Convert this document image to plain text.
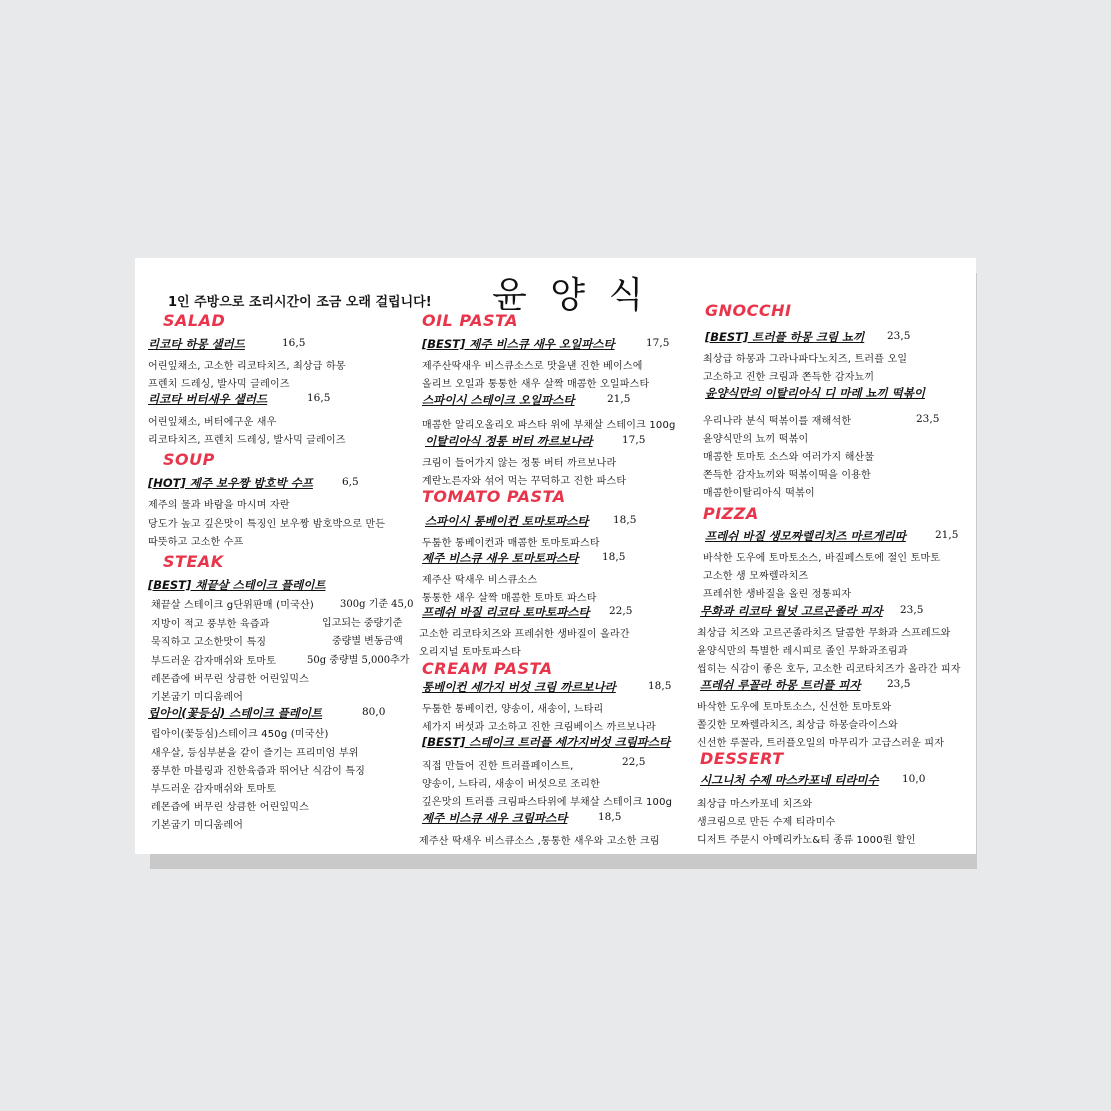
윤 양 식
1인 주방으로 조리시간이 조금 오래 걸립니다!
SALAD
리코타 하몽 샐러드	16,5
어린잎채소, 고소한 리코타치즈, 최상급 하몽
프렌치 드레싱, 발사믹 글레이즈
리코타 버터새우 샐러드	16,5
어린잎채소, 버터에구운 새우
리코타치즈, 프렌치 드레싱, 발사믹 글레이즈
SOUP
[HOT] 제주 보우짱 밤호박 수프	6,5
제주의 물과 바람을 마시며 자란
당도가 높고 깊은맛이 특징인 보우짱 밤호박으로 만든
따뜻하고 고소한 수프
STEAK
[BEST] 채끝살 스테이크 플레이트
채끝살 스테이크 g단위판매 (미국산)	300g 기준 45,0
지방이 적고 풍부한 육즙과	입고되는 중량기준
묵직하고 고소한맛이 특징	중량별 변동금액
부드러운 감자매쉬와 토마토	50g 중량별 5,000추가
레몬즙에 버무린 상큼한 어린잎믹스
기본굽기 미디움레어
립아이(꽃등심) 스테이크 플레이트	80,0
립아이(꽃등심)스테이크 450g (미국산)
새우살, 등심부분을 같이 즐기는 프리미엄 부위
풍부한 마블링과 진한육즙과 뛰어난 식감이 특징
부드러운 감자매쉬와 토마토
레몬즙에 버무린 상큼한 어린잎믹스
기본굽기 미디움레어
OIL PASTA
[BEST] 제주 비스큐 새우 오일파스타	17,5
제주산딱새우 비스큐소스로 맛을낸 진한 베이스에
올리브 오일과 통통한 새우 살짝 매콤한 오일파스타
스파이시 스테이크 오일파스타	21,5
매콤한 알리오올리오 파스타 위에 부채살 스테이크 100g
이탈리아식 정통 버터 까르보나라	17,5
크림이 들어가지 않는 정통 버터 까르보나라
계란노른자와 섞어 먹는 꾸덕하고 진한 파스타
TOMATO PASTA
스파이시 통베이컨 토마토파스타 18,5
두툼한 통베이컨과 매콤한 토마토파스타
제주 비스큐 새우 토마토파스타 18,5
제주산 딱새우 비스큐소스
통통한 새우 살짝 매콤한 토마토 파스타
프레쉬 바질 리코타 토마토파스타 22,5
고소한 리코타치즈와 프레쉬한 생바질이 올라간
오리지널 토마토파스타
CREAM PASTA
통베이컨 세가지 버섯 크림 까르보나라	18,5
두툼한 통베이컨, 양송이, 새송이, 느타리
세가지 버섯과 고소하고 진한 크림베이스 까르보나라
[BEST] 스테이크 트러플 세가지버섯 크림파스타
직접 만들어 진한 트러플페이스트,	22,5
양송이, 느타리, 새송이 버섯으로 조리한
깊은맛의 트러플 크림파스타위에 부채살 스테이크 100g
제주 비스큐 새우 크림파스타	18,5
제주산 딱새우 비스큐소스 ,통통한 새우와 고소한 크림
GNOCCHI
[BEST] 트러플 하몽 크림 뇨끼 23,5
최상급 하몽과 그라나파다노치즈, 트러플 오일
고소하고 진한 크림과 쫀득한 감자뇨끼
윤양식만의 이탈리아식 디 마레 뇨끼 떡볶이
우리나라 분식 떡볶이를 재해석한	23,5
윤양식만의 뇨끼 떡볶이
매콤한 토마토 소스와 여러가지 해산물
쫀득한 감자뇨끼와 떡볶이떡을 이용한
매콤한이탈리아식 떡볶이
PIZZA
프레쉬 바질 생모짜렐리치즈 마르게리따	21,5
바삭한 도우에 토마토소스, 바질페스토에 절인 토마토
고소한 생 모짜렐라치즈
프레쉬한 생바질을 올린 정통피자
무화과 리코타 월넛 고르곤졸라 피자 23,5
최상급 치즈와 고르곤졸라치즈 달콤한 무화과 스프레드와
윤양식만의 특별한 레시피로 졸인 무화과조림과
씹히는 식감이 좋은 호두, 고소한 리코타치즈가 올라간 피자
프레쉬 루꼴라 하몽 트러플 피자	23,5
바삭한 도우에 토마토소스, 신선한 토마토와
쫄깃한 모짜렐라치즈, 최상급 하몽슬라이스와
신선한 루꼴라, 트러플오일의 마무리가 고급스러운 피자
DESSERT
시그니처 수제 마스카포네 티라미수 10,0
최상급 마스카포네 치즈와
생크림으로 만든 수제 티라미수
디저트 주문시 아메리카노&티 종류 1000원 할인
